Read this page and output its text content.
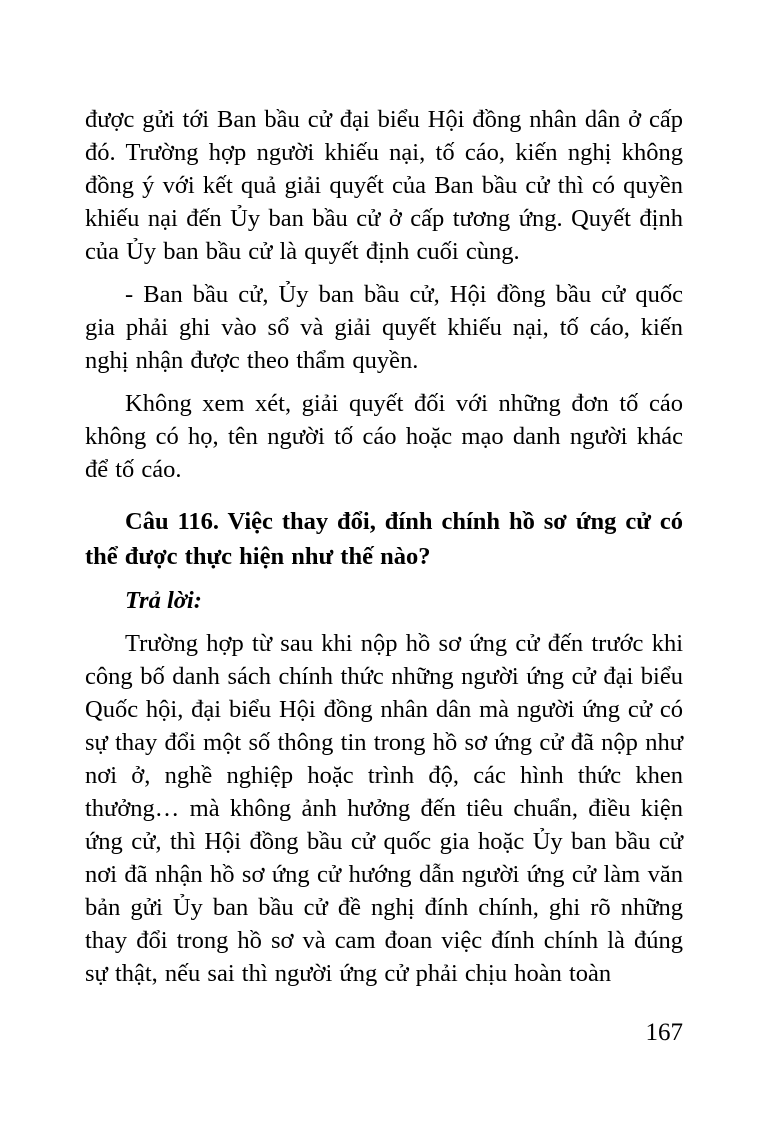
được gửi tới Ban bầu cử đại biểu Hội đồng nhân dân ở cấp đó. Trường hợp người khiếu nại, tố cáo, kiến nghị không đồng ý với kết quả giải quyết của Ban bầu cử thì có quyền khiếu nại đến Ủy ban bầu cử ở cấp tương ứng. Quyết định của Ủy ban bầu cử là quyết định cuối cùng.

- Ban bầu cử, Ủy ban bầu cử, Hội đồng bầu cử quốc gia phải ghi vào sổ và giải quyết khiếu nại, tố cáo, kiến nghị nhận được theo thẩm quyền.

Không xem xét, giải quyết đối với những đơn tố cáo không có họ, tên người tố cáo hoặc mạo danh người khác để tố cáo.

Câu 116. Việc thay đổi, đính chính hồ sơ ứng cử có thể được thực hiện như thế nào?

Trả lời:

Trường hợp từ sau khi nộp hồ sơ ứng cử đến trước khi công bố danh sách chính thức những người ứng cử đại biểu Quốc hội, đại biểu Hội đồng nhân dân mà người ứng cử có sự thay đổi một số thông tin trong hồ sơ ứng cử đã nộp như nơi ở, nghề nghiệp hoặc trình độ, các hình thức khen thưởng… mà không ảnh hưởng đến tiêu chuẩn, điều kiện ứng cử, thì Hội đồng bầu cử quốc gia hoặc Ủy ban bầu cử nơi đã nhận hồ sơ ứng cử hướng dẫn người ứng cử làm văn bản gửi Ủy ban bầu cử đề nghị đính chính, ghi rõ những thay đổi trong hồ sơ và cam đoan việc đính chính là đúng sự thật, nếu sai thì người ứng cử phải chịu hoàn toàn

167
